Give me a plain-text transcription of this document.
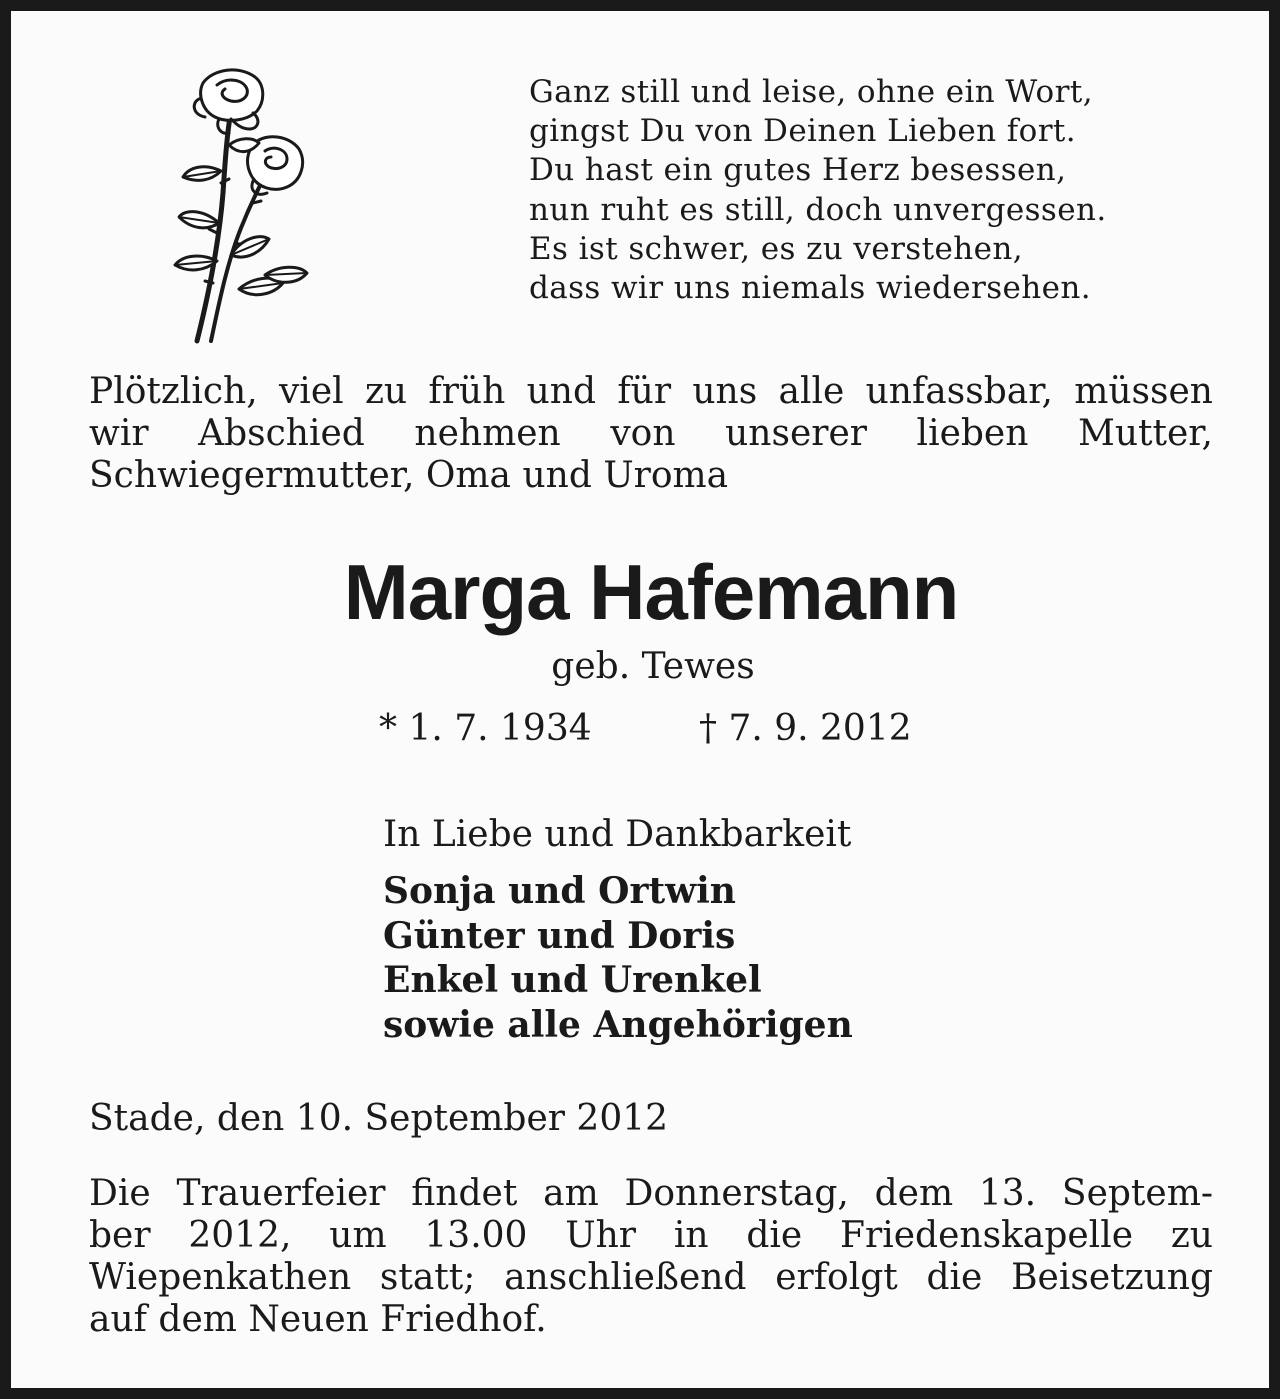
Ganz still und leise, ohne ein Wort,
gingst Du von Deinen Lieben fort.
Du hast ein gutes Herz besessen,
nun ruht es still, doch unvergessen.
Es ist schwer, es zu verstehen,
dass wir uns niemals wiedersehen.
Plötzlich, viel zu früh und für uns alle unfassbar, müssen
wir Abschied nehmen von unserer lieben Mutter,
Schwiegermutter, Oma und Uroma
Marga Hafemann
geb. Tewes
* 1. 7. 1934	† 7. 9. 2012
In Liebe und Dankbarkeit
Sonja und Ortwin
Günter und Doris
Enkel und Urenkel
sowie alle Angehörigen
Stade, den 10. September 2012
Die Trauerfeier findet am Donnerstag, dem 13. Septem-
ber 2012, um 13.00 Uhr in die Friedenskapelle zu
Wiepenkathen statt; anschließend erfolgt die Beisetzung
auf dem Neuen Friedhof.
